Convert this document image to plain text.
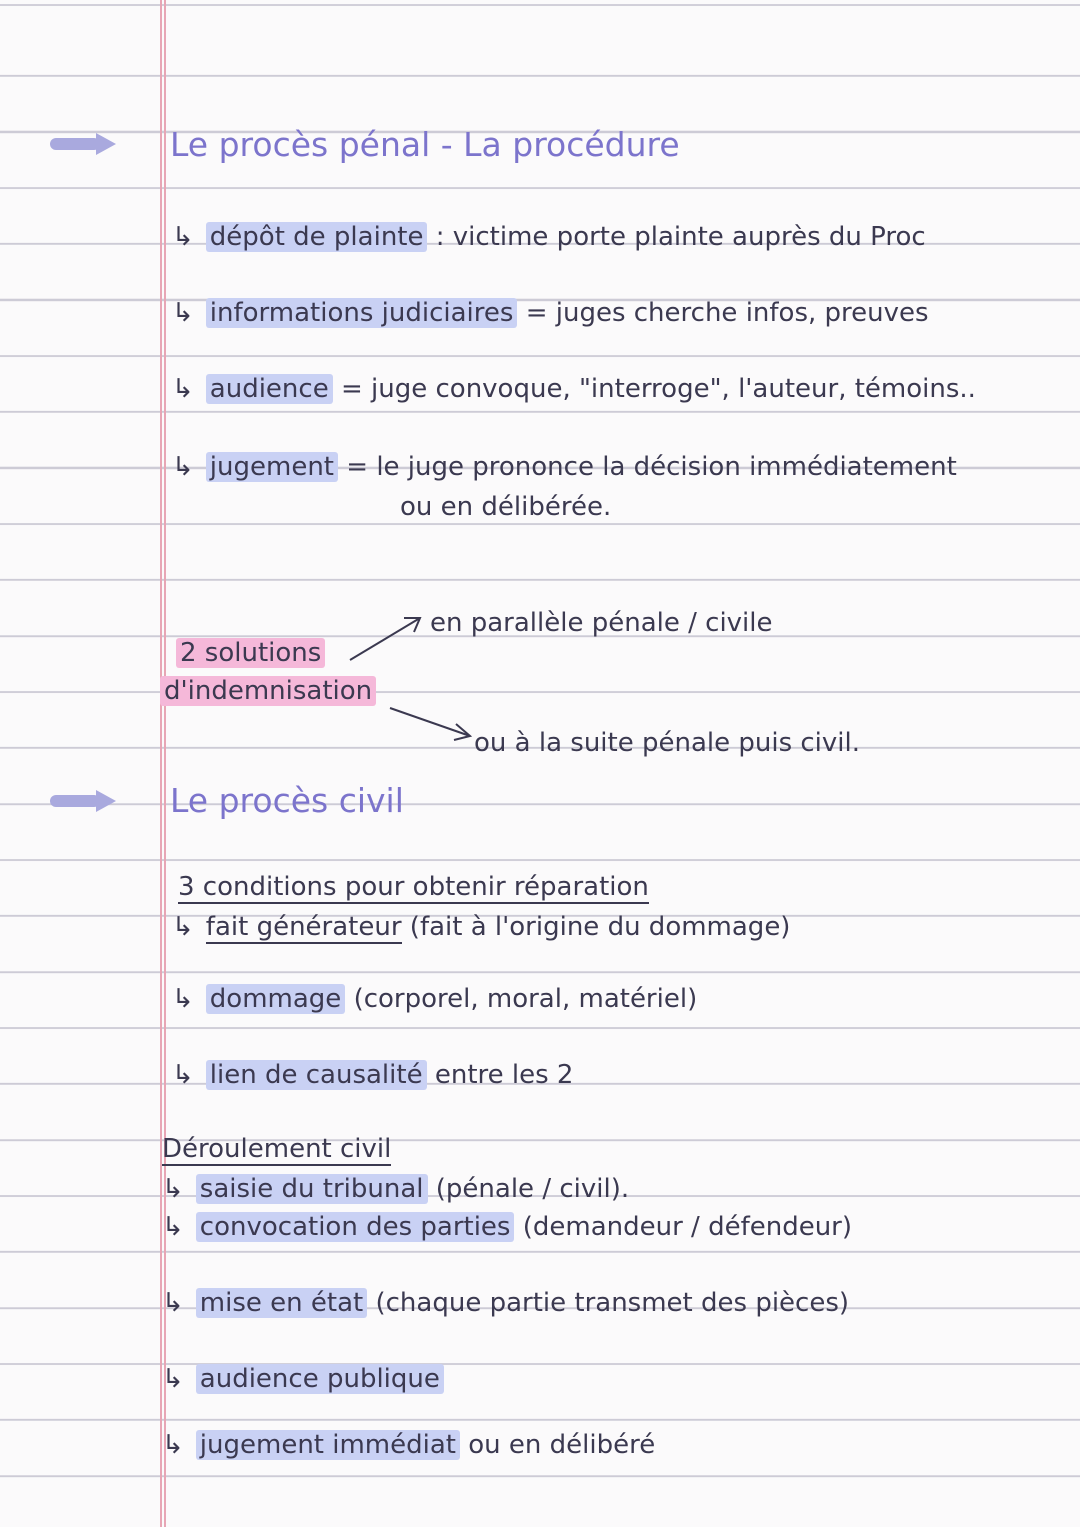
Le procès pénal - La procédure
↳ dépôt de plainte : victime porte plainte auprès du Proc
↳ informations judiciaires = juges cherche infos, preuves
↳ audience = juge convoque, "interroge", l'auteur, témoins..
↳ jugement = le juge prononce la décision immédiatement
ou en délibérée.
en parallèle pénale / civile
2 solutions
d'indemnisation
ou à la suite pénale puis civil.
Le procès civil
3 conditions pour obtenir réparation
↳ fait générateur (fait à l'origine du dommage)
↳ dommage (corporel, moral, matériel)
↳ lien de causalité entre les 2
Déroulement civil
↳ saisie du tribunal (pénale / civil).
↳ convocation des parties (demandeur / défendeur)
↳ mise en état (chaque partie transmet des pièces)
↳ audience publique
↳ jugement immédiat ou en délibéré
